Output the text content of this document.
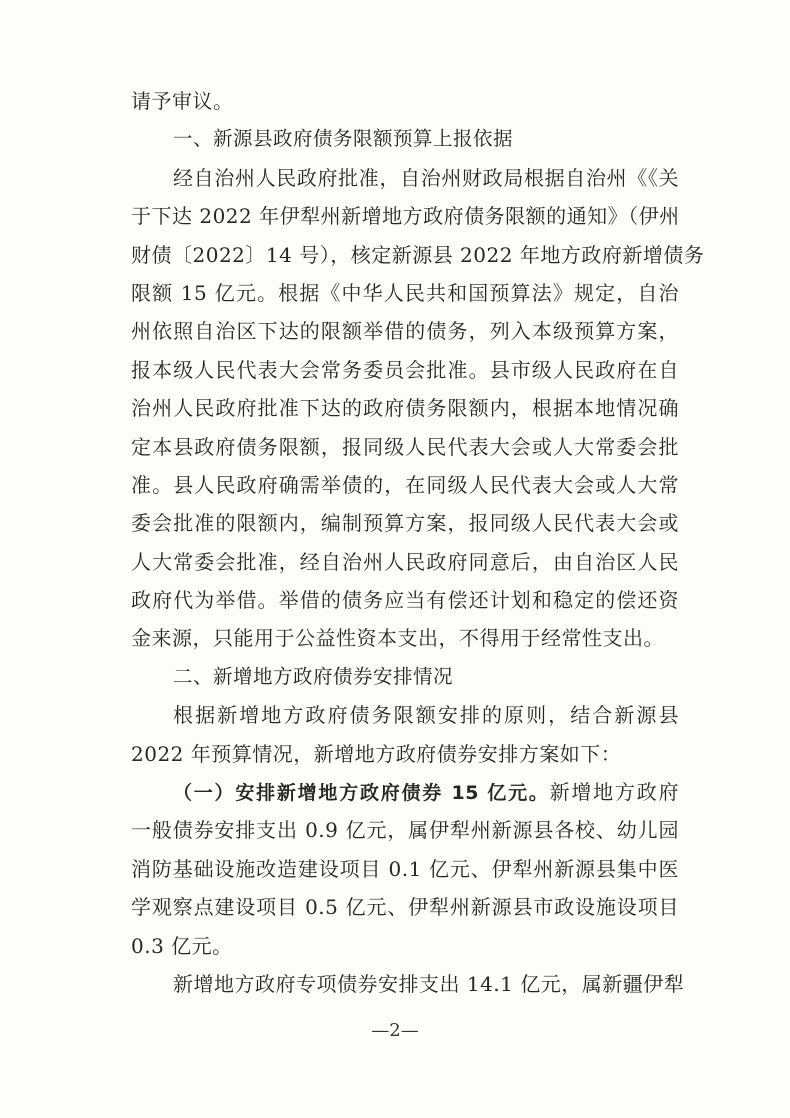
请予审议。
一、新源县政府债务限额预算上报依据
经自治州人民政府批准，自治州财政局根据自治州《《关
于下达 2022 年伊犁州新增地方政府债务限额的通知》（伊州
财债〔2022〕14 号），核定新源县 2022 年地方政府新增债务
限额 15 亿元。根据《中华人民共和国预算法》规定，自治
州依照自治区下达的限额举借的债务，列入本级预算方案，
报本级人民代表大会常务委员会批准。县市级人民政府在自
治州人民政府批准下达的政府债务限额内，根据本地情况确
定本县政府债务限额，报同级人民代表大会或人大常委会批
准。县人民政府确需举债的，在同级人民代表大会或人大常
委会批准的限额内，编制预算方案，报同级人民代表大会或
人大常委会批准，经自治州人民政府同意后，由自治区人民
政府代为举借。举借的债务应当有偿还计划和稳定的偿还资
金来源，只能用于公益性资本支出，不得用于经常性支出。
二、新增地方政府债券安排情况
根据新增地方政府债务限额安排的原则，结合新源县
2022 年预算情况，新增地方政府债券安排方案如下：
（一）安排新增地方政府债券 15 亿元。新增地方政府
一般债券安排支出 0.9 亿元，属伊犁州新源县各校、幼儿园
消防基础设施改造建设项目 0.1 亿元、伊犁州新源县集中医
学观察点建设项目 0.5 亿元、伊犁州新源县市政设施设项目
0.3 亿元。
新增地方政府专项债券安排支出 14.1 亿元，属新疆伊犁
—2—
